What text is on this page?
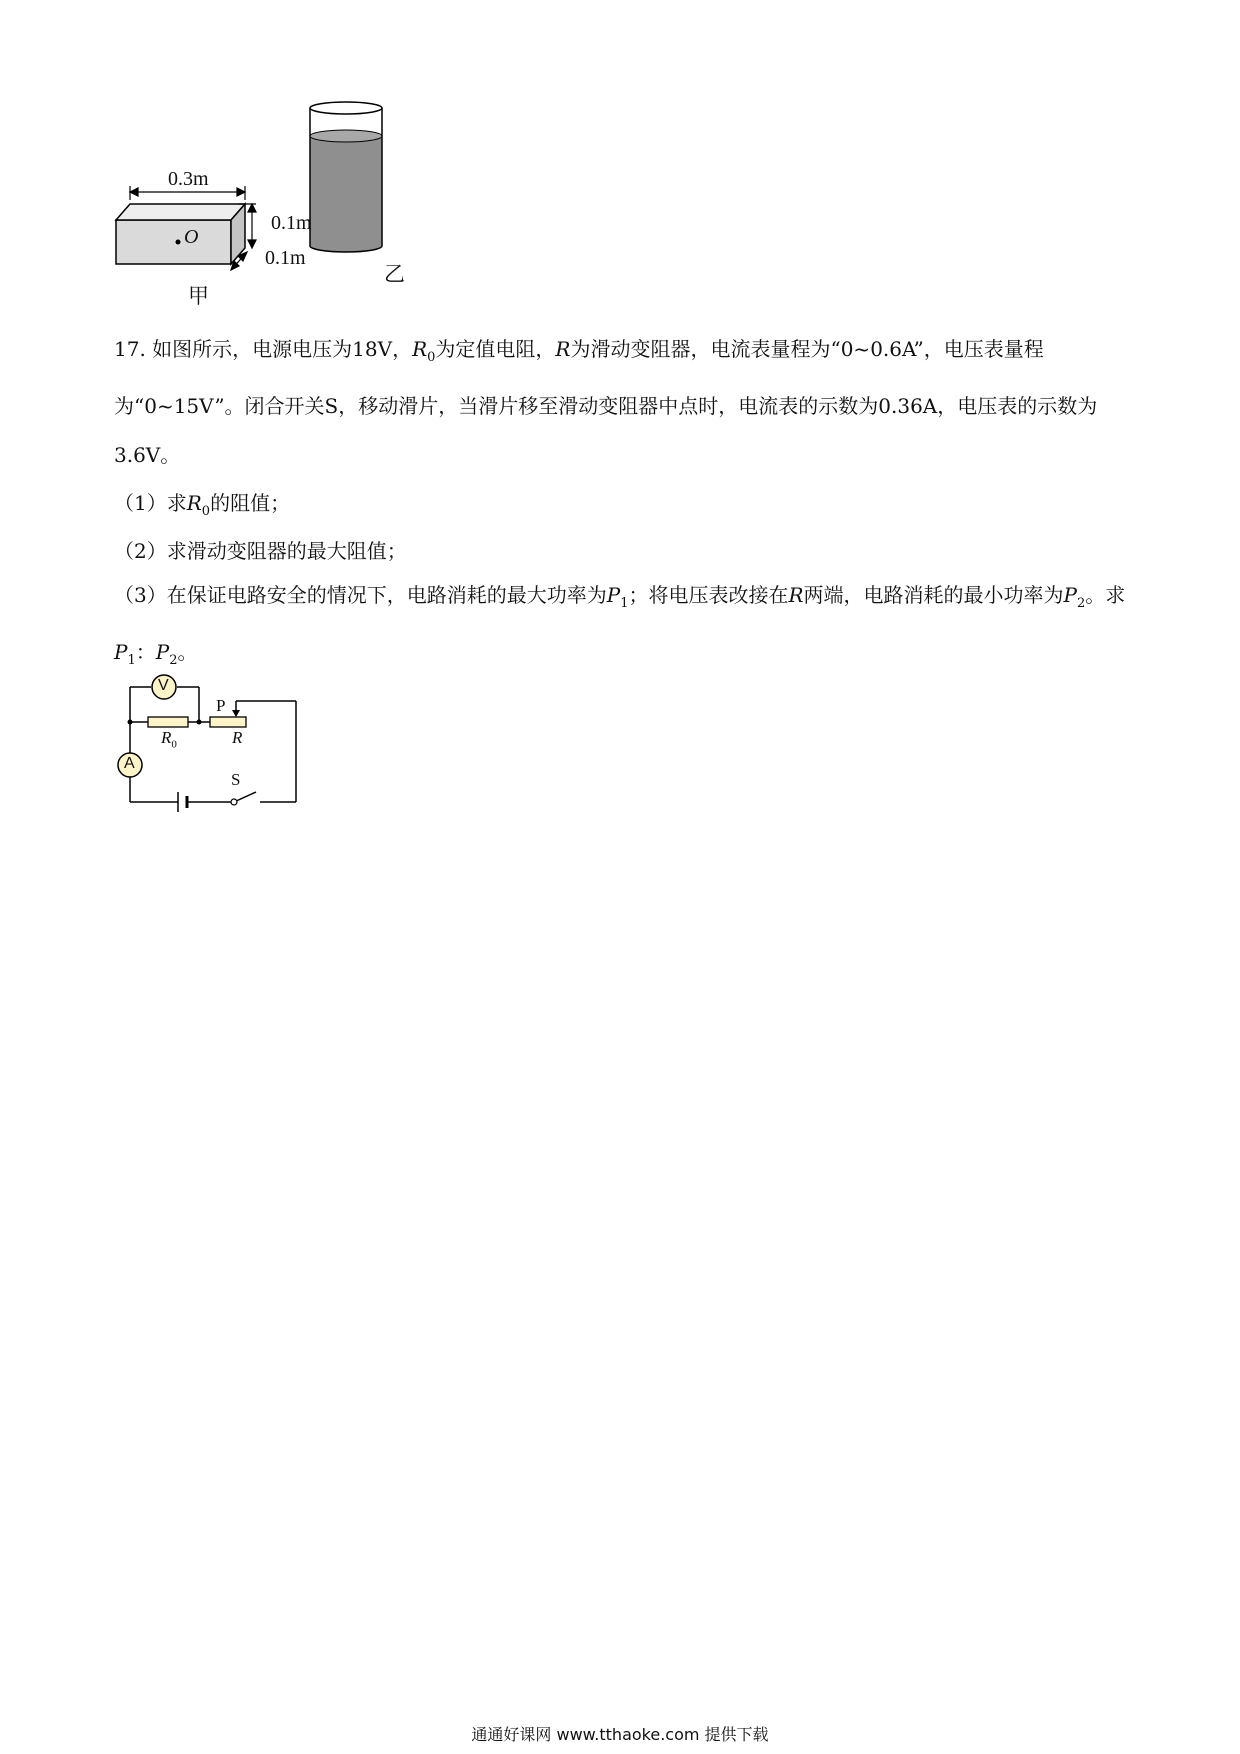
0.3m
0.1m
0.1m
O
甲
乙
17. 如图所示，电源电压为18V，$R_0$为定值电阻，R为滑动变阻器，电流表量程为“0~0.6A”，电压表量程为“0~15V”。闭合开关S，移动滑片，当滑片移至滑动变阻器中点时，电流表的示数为0.36A，电压表的示数为3.6V。
（1）求$R_0$的阻值；
（2）求滑动变阻器的最大阻值；
（3）在保证电路安全的情况下，电路消耗的最大功率为$P_1$；将电压表改接在R两端，电路消耗的最小功率为$P_2$。求$P_1$：$P_2$。
V
A
P
$R_0$	R
S
通通好课网 www.tthaoke.com 提供下载
